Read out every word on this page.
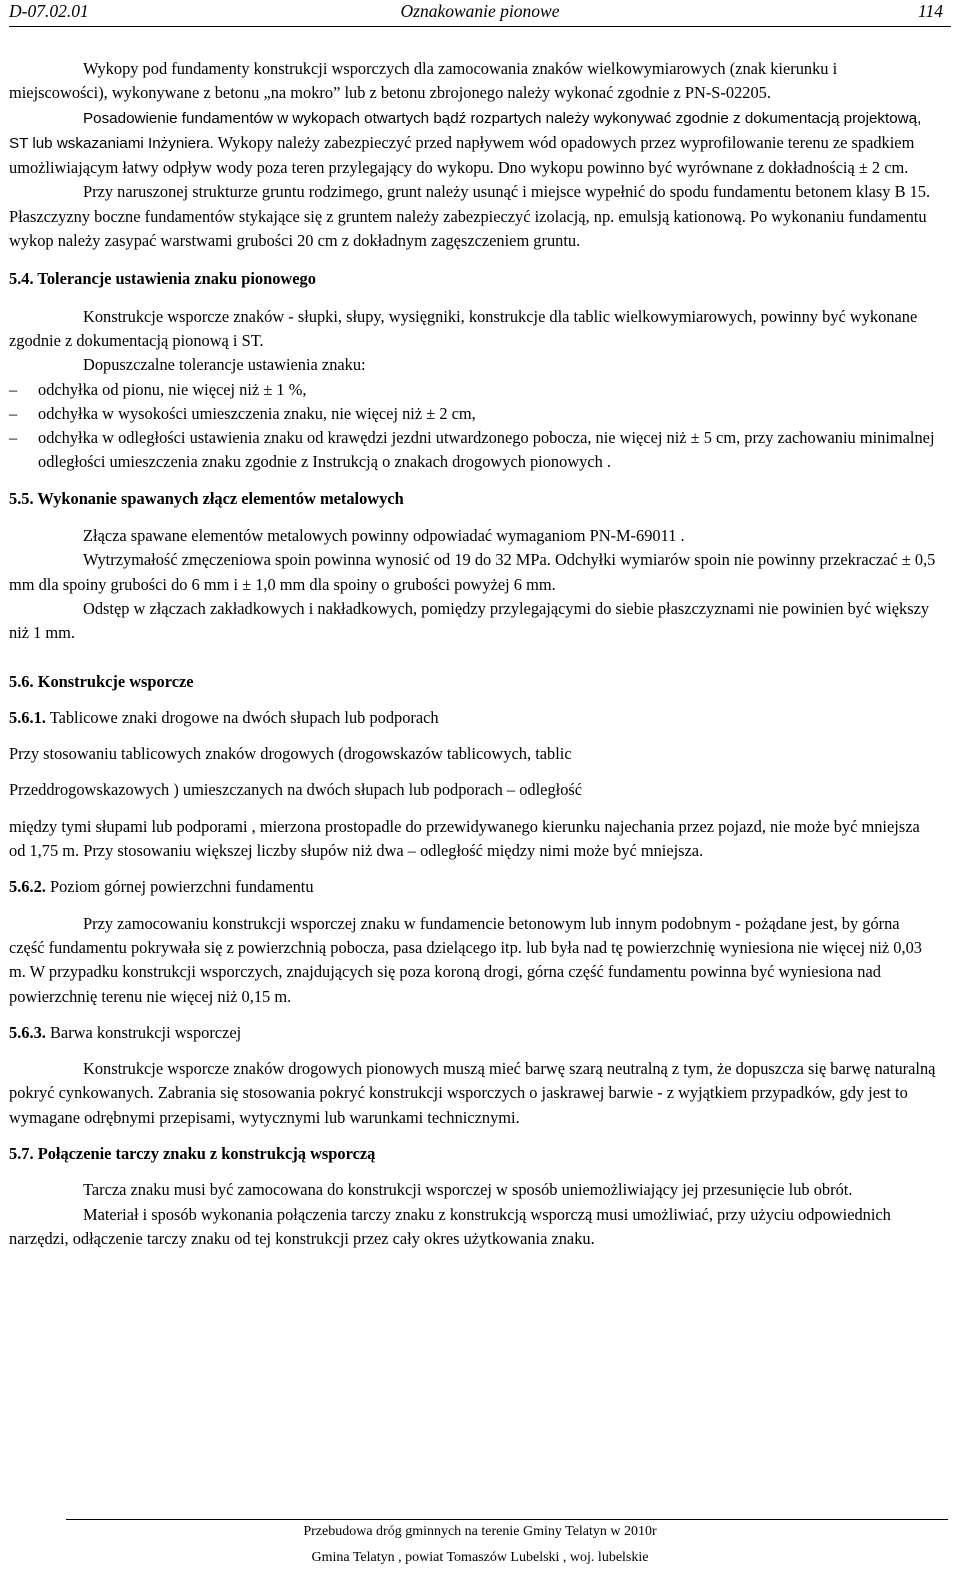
D-07.02.01	Oznakowanie pionowe	114

Wykopy pod fundamenty konstrukcji wsporczych dla zamocowania znaków wielkowymiarowych (znak kierunku i miejscowości), wykonywane z betonu „na mokro” lub z betonu zbrojonego należy wykonać zgodnie z PN-S-02205.

Posadowienie fundamentów w wykopach otwartych bądź rozpartych należy wykonywać zgodnie z dokumentacją projektową, ST lub wskazaniami Inżyniera. Wykopy należy zabezpieczyć przed napływem wód opadowych przez wyprofilowanie terenu ze spadkiem umożliwiającym łatwy odpływ wody poza teren przylegający do wykopu. Dno wykopu powinno być wyrównane z dokładnością ± 2 cm.

Przy naruszonej strukturze gruntu rodzimego, grunt należy usunąć i miejsce wypełnić do spodu fundamentu betonem klasy B 15. Płaszczyzny boczne fundamentów stykające się z gruntem należy zabezpieczyć izolacją, np. emulsją kationową. Po wykonaniu fundamentu wykop należy zasypać warstwami grubości 20 cm z dokładnym zagęszczeniem gruntu.

5.4. Tolerancje ustawienia znaku pionowego

Konstrukcje wsporcze znaków - słupki, słupy, wysięgniki, konstrukcje dla tablic wielkowymiarowych, powinny być wykonane zgodnie z dokumentacją pionową i ST.

Dopuszczalne tolerancje ustawienia znaku:

– odchyłka od pionu, nie więcej niż ± 1 %,
– odchyłka w wysokości umieszczenia znaku, nie więcej niż ± 2 cm,
– odchyłka w odległości ustawienia znaku od krawędzi jezdni utwardzonego pobocza, nie więcej niż ± 5 cm, przy zachowaniu minimalnej odległości umieszczenia znaku zgodnie z Instrukcją o znakach drogowych pionowych .

5.5. Wykonanie spawanych złącz elementów metalowych

Złącza spawane elementów metalowych powinny odpowiadać wymaganiom PN-M-69011 .

Wytrzymałość zmęczeniowa spoin powinna wynosić od 19 do 32 MPa. Odchyłki wymiarów spoin nie powinny przekraczać ± 0,5 mm dla spoiny grubości do 6 mm i ± 1,0 mm dla spoiny o grubości powyżej 6 mm.

Odstęp w złączach zakładkowych i nakładkowych, pomiędzy przylegającymi do siebie płaszczyznami nie powinien być większy niż 1 mm.

5.6. Konstrukcje wsporcze

5.6.1. Tablicowe znaki drogowe na dwóch słupach lub podporach

Przy stosowaniu tablicowych znaków drogowych (drogowskazów tablicowych, tablic

Przeddrogowskazowych ) umieszczanych na dwóch słupach lub podporach – odległość

między tymi słupami lub podporami , mierzona prostopadle do przewidywanego kierunku najechania przez pojazd, nie może być mniejsza od 1,75 m. Przy stosowaniu większej liczby słupów niż dwa – odległość między nimi może być mniejsza.

5.6.2. Poziom górnej powierzchni fundamentu

Przy zamocowaniu konstrukcji wsporczej znaku w fundamencie betonowym lub innym podobnym - pożądane jest, by górna część fundamentu pokrywała się z powierzchnią pobocza, pasa dzielącego itp. lub była nad tę powierzchnię wyniesiona nie więcej niż 0,03 m. W przypadku konstrukcji wsporczych, znajdujących się poza koroną drogi, górna część fundamentu powinna być wyniesiona nad powierzchnię terenu nie więcej niż 0,15 m.

5.6.3. Barwa konstrukcji wsporczej

Konstrukcje wsporcze znaków drogowych pionowych muszą mieć barwę szarą neutralną z tym, że dopuszcza się barwę naturalną pokryć cynkowanych. Zabrania się stosowania pokryć konstrukcji wsporczych o jaskrawej barwie - z wyjątkiem przypadków, gdy jest to wymagane odrębnymi przepisami, wytycznymi lub warunkami technicznymi.

5.7. Połączenie tarczy znaku z konstrukcją wsporczą

Tarcza znaku musi być zamocowana do konstrukcji wsporczej w sposób uniemożliwiający jej przesunięcie lub obrót.

Materiał i sposób wykonania połączenia tarczy znaku z konstrukcją wsporczą musi umożliwiać, przy użyciu odpowiednich narzędzi, odłączenie tarczy znaku od tej konstrukcji przez cały okres użytkowania znaku.

Przebudowa dróg gminnych na terenie Gminy Telatyn w 2010r
Gmina Telatyn , powiat Tomaszów Lubelski , woj. lubelskie
